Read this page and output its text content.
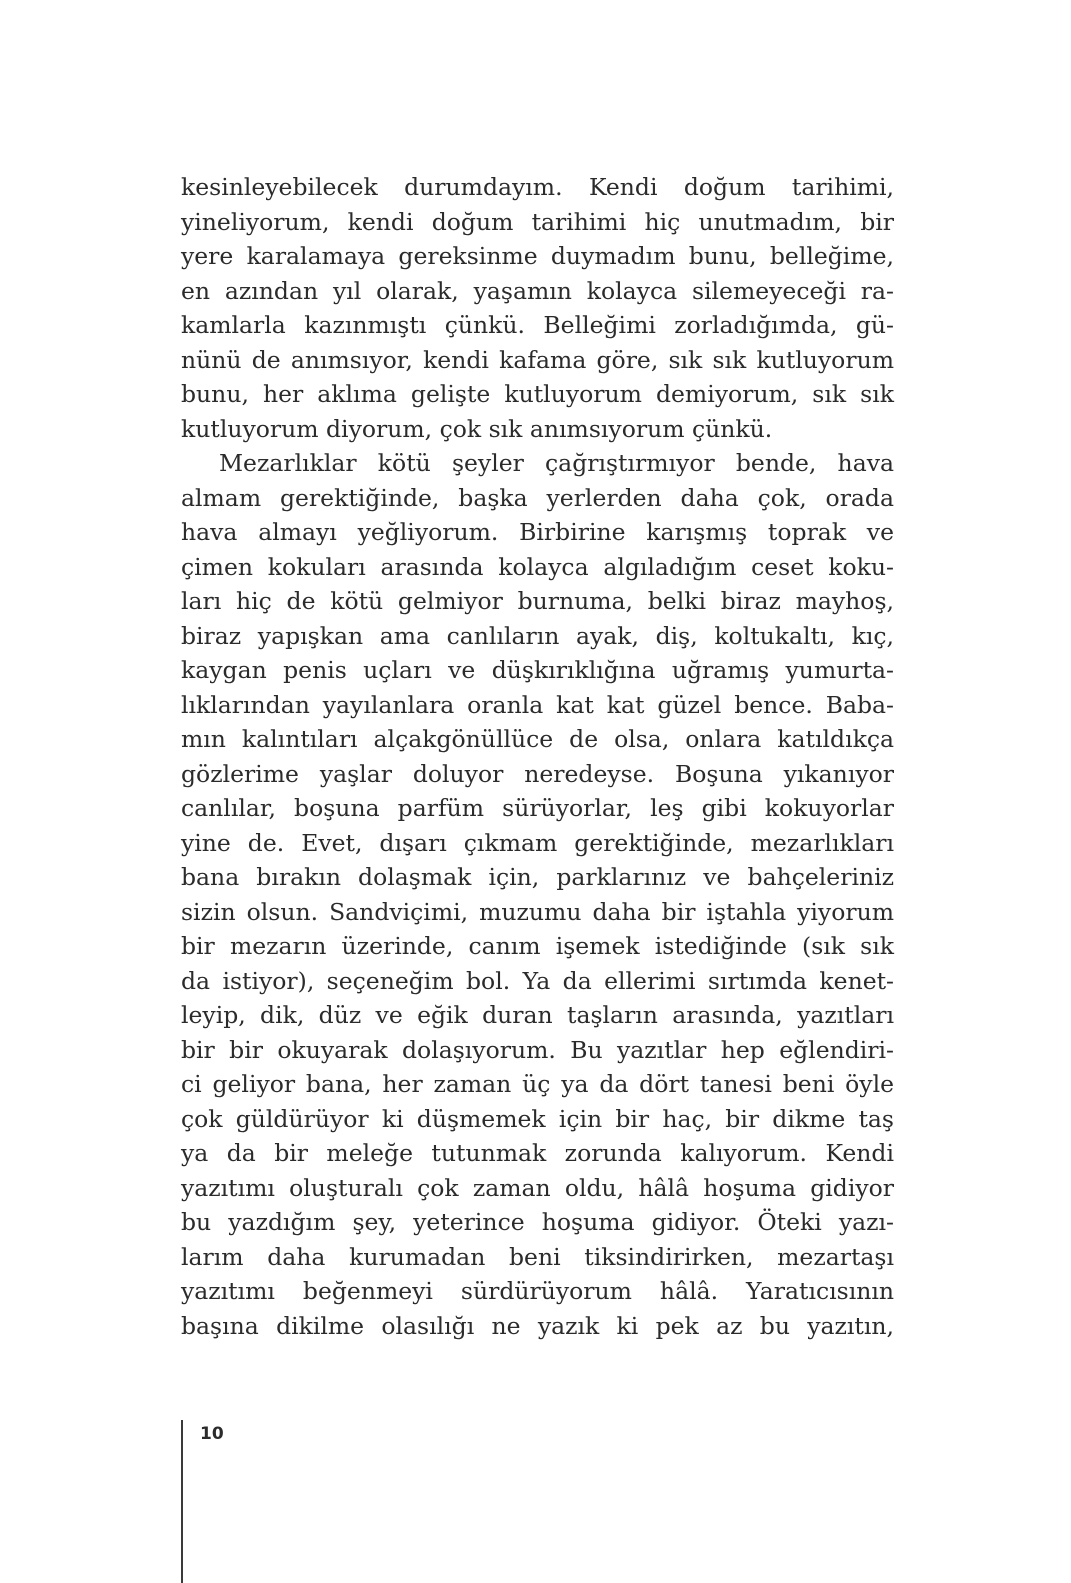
kesinleyebilecek durumdayım. Kendi doğum tarihimi,
yineliyorum, kendi doğum tarihimi hiç unutmadım, bir
yere karalamaya gereksinme duymadım bunu, belleğime,
en azından yıl olarak, yaşamın kolayca silemeyeceği ra-
kamlarla kazınmıştı çünkü. Belleğimi zorladığımda, gü-
nünü de anımsıyor, kendi kafama göre, sık sık kutluyorum
bunu, her aklıma gelişte kutluyorum demiyorum, sık sık
kutluyorum diyorum, çok sık anımsıyorum çünkü.
Mezarlıklar kötü şeyler çağrıştırmıyor bende, hava
almam gerektiğinde, başka yerlerden daha çok, orada
hava almayı yeğliyorum. Birbirine karışmış toprak ve
çimen kokuları arasında kolayca algıladığım ceset koku-
ları hiç de kötü gelmiyor burnuma, belki biraz mayhoş,
biraz yapışkan ama canlıların ayak, diş, koltukaltı, kıç,
kaygan penis uçları ve düşkırıklığına uğramış yumurta-
lıklarından yayılanlara oranla kat kat güzel bence. Baba-
mın kalıntıları alçakgönüllüce de olsa, onlara katıldıkça
gözlerime yaşlar doluyor neredeyse. Boşuna yıkanıyor
canlılar, boşuna parfüm sürüyorlar, leş gibi kokuyorlar
yine de. Evet, dışarı çıkmam gerektiğinde, mezarlıkları
bana bırakın dolaşmak için, parklarınız ve bahçeleriniz
sizin olsun. Sandviçimi, muzumu daha bir iştahla yiyorum
bir mezarın üzerinde, canım işemek istediğinde (sık sık
da istiyor), seçeneğim bol. Ya da ellerimi sırtımda kenet-
leyip, dik, düz ve eğik duran taşların arasında, yazıtları
bir bir okuyarak dolaşıyorum. Bu yazıtlar hep eğlendiri-
ci geliyor bana, her zaman üç ya da dört tanesi beni öyle
çok güldürüyor ki düşmemek için bir haç, bir dikme taş
ya da bir meleğe tutunmak zorunda kalıyorum. Kendi
yazıtımı oluşturalı çok zaman oldu, hâlâ hoşuma gidiyor
bu yazdığım şey, yeterince hoşuma gidiyor. Öteki yazı-
larım daha kurumadan beni tiksindirirken, mezartaşı
yazıtımı beğenmeyi sürdürüyorum hâlâ. Yaratıcısının
başına dikilme olasılığı ne yazık ki pek az bu yazıtın,
10
